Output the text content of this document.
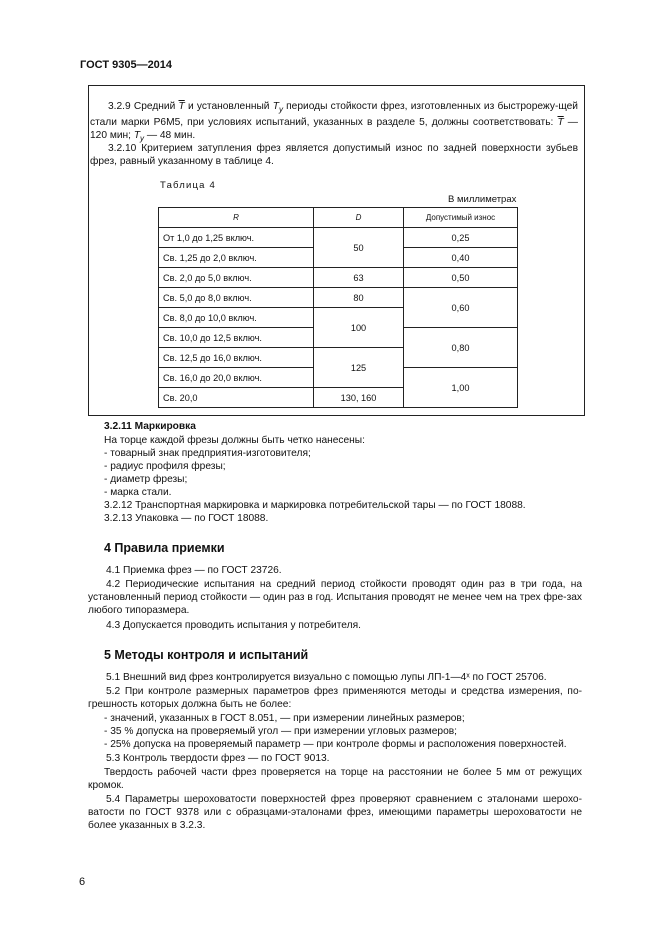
ГОСТ 9305—2014
3.2.9 Средний $\overline{T}$ и установленный $T_у$ периоды стойкости фрез, изготовленных из быстрорежу-щей стали марки Р6М5, при условиях испытаний, указанных в разделе 5, должны соответствовать: $\overline{T}$ — 120 мин; $T_у$ — 48 мин.
3.2.10 Критерием затупления фрез является допустимый износ по задней поверхности зубьев фрез, равный указанному в таблице 4.
Таблица 4
В миллиметрах
R	D	Допустимый износ
От 1,0 до 1,25 включ.	50	0,25
Св. 1,25 до 2,0 включ.		0,40
Св. 2,0 до 5,0 включ.	63	0,50
Св. 5,0 до 8,0 включ.	80	0,60
Св. 8,0 до 10,0 включ.	100	
Св. 10,0 до 12,5 включ.		0,80
Св. 12,5 до 16,0 включ.	125	
Св. 16,0 до 20,0 включ.		1,00
Св. 20,0	130, 160	
3.2.11 Маркировка
На торце каждой фрезы должны быть четко нанесены:
- товарный знак предприятия-изготовителя;
- радиус профиля фрезы;
- диаметр фрезы;
- марка стали.
3.2.12 Транспортная маркировка и маркировка потребительской тары — по ГОСТ 18088.
3.2.13 Упаковка — по ГОСТ 18088.
4 Правила приемки
4.1 Приемка фрез — по ГОСТ 23726.
4.2 Периодические испытания на средний период стойкости проводят один раз в три года, на установленный период стойкости — один раз в год. Испытания проводят не менее чем на трех фре-зах любого типоразмера.
4.3 Допускается проводить испытания у потребителя.
5 Методы контроля и испытаний
5.1 Внешний вид фрез контролируется визуально с помощью лупы ЛП-1—4ˣ по ГОСТ 25706.
5.2 При контроле размерных параметров фрез применяются методы и средства измерения, по-грешность которых должна быть не более:
- значений, указанных в ГОСТ 8.051, — при измерении линейных размеров;
- 35 % допуска на проверяемый угол — при измерении угловых размеров;
- 25% допуска на проверяемый параметр — при контроле формы и расположения поверхностей.
5.3 Контроль твердости фрез — по ГОСТ 9013.
Твердость рабочей части фрез проверяется на торце на расстоянии не более 5 мм от режущих кромок.
5.4 Параметры шероховатости поверхностей фрез проверяют сравнением с эталонами шерохо-ватости по ГОСТ 9378 или с образцами-эталонами фрез, имеющими параметры шероховатости не более указанных в 3.2.3.
6
